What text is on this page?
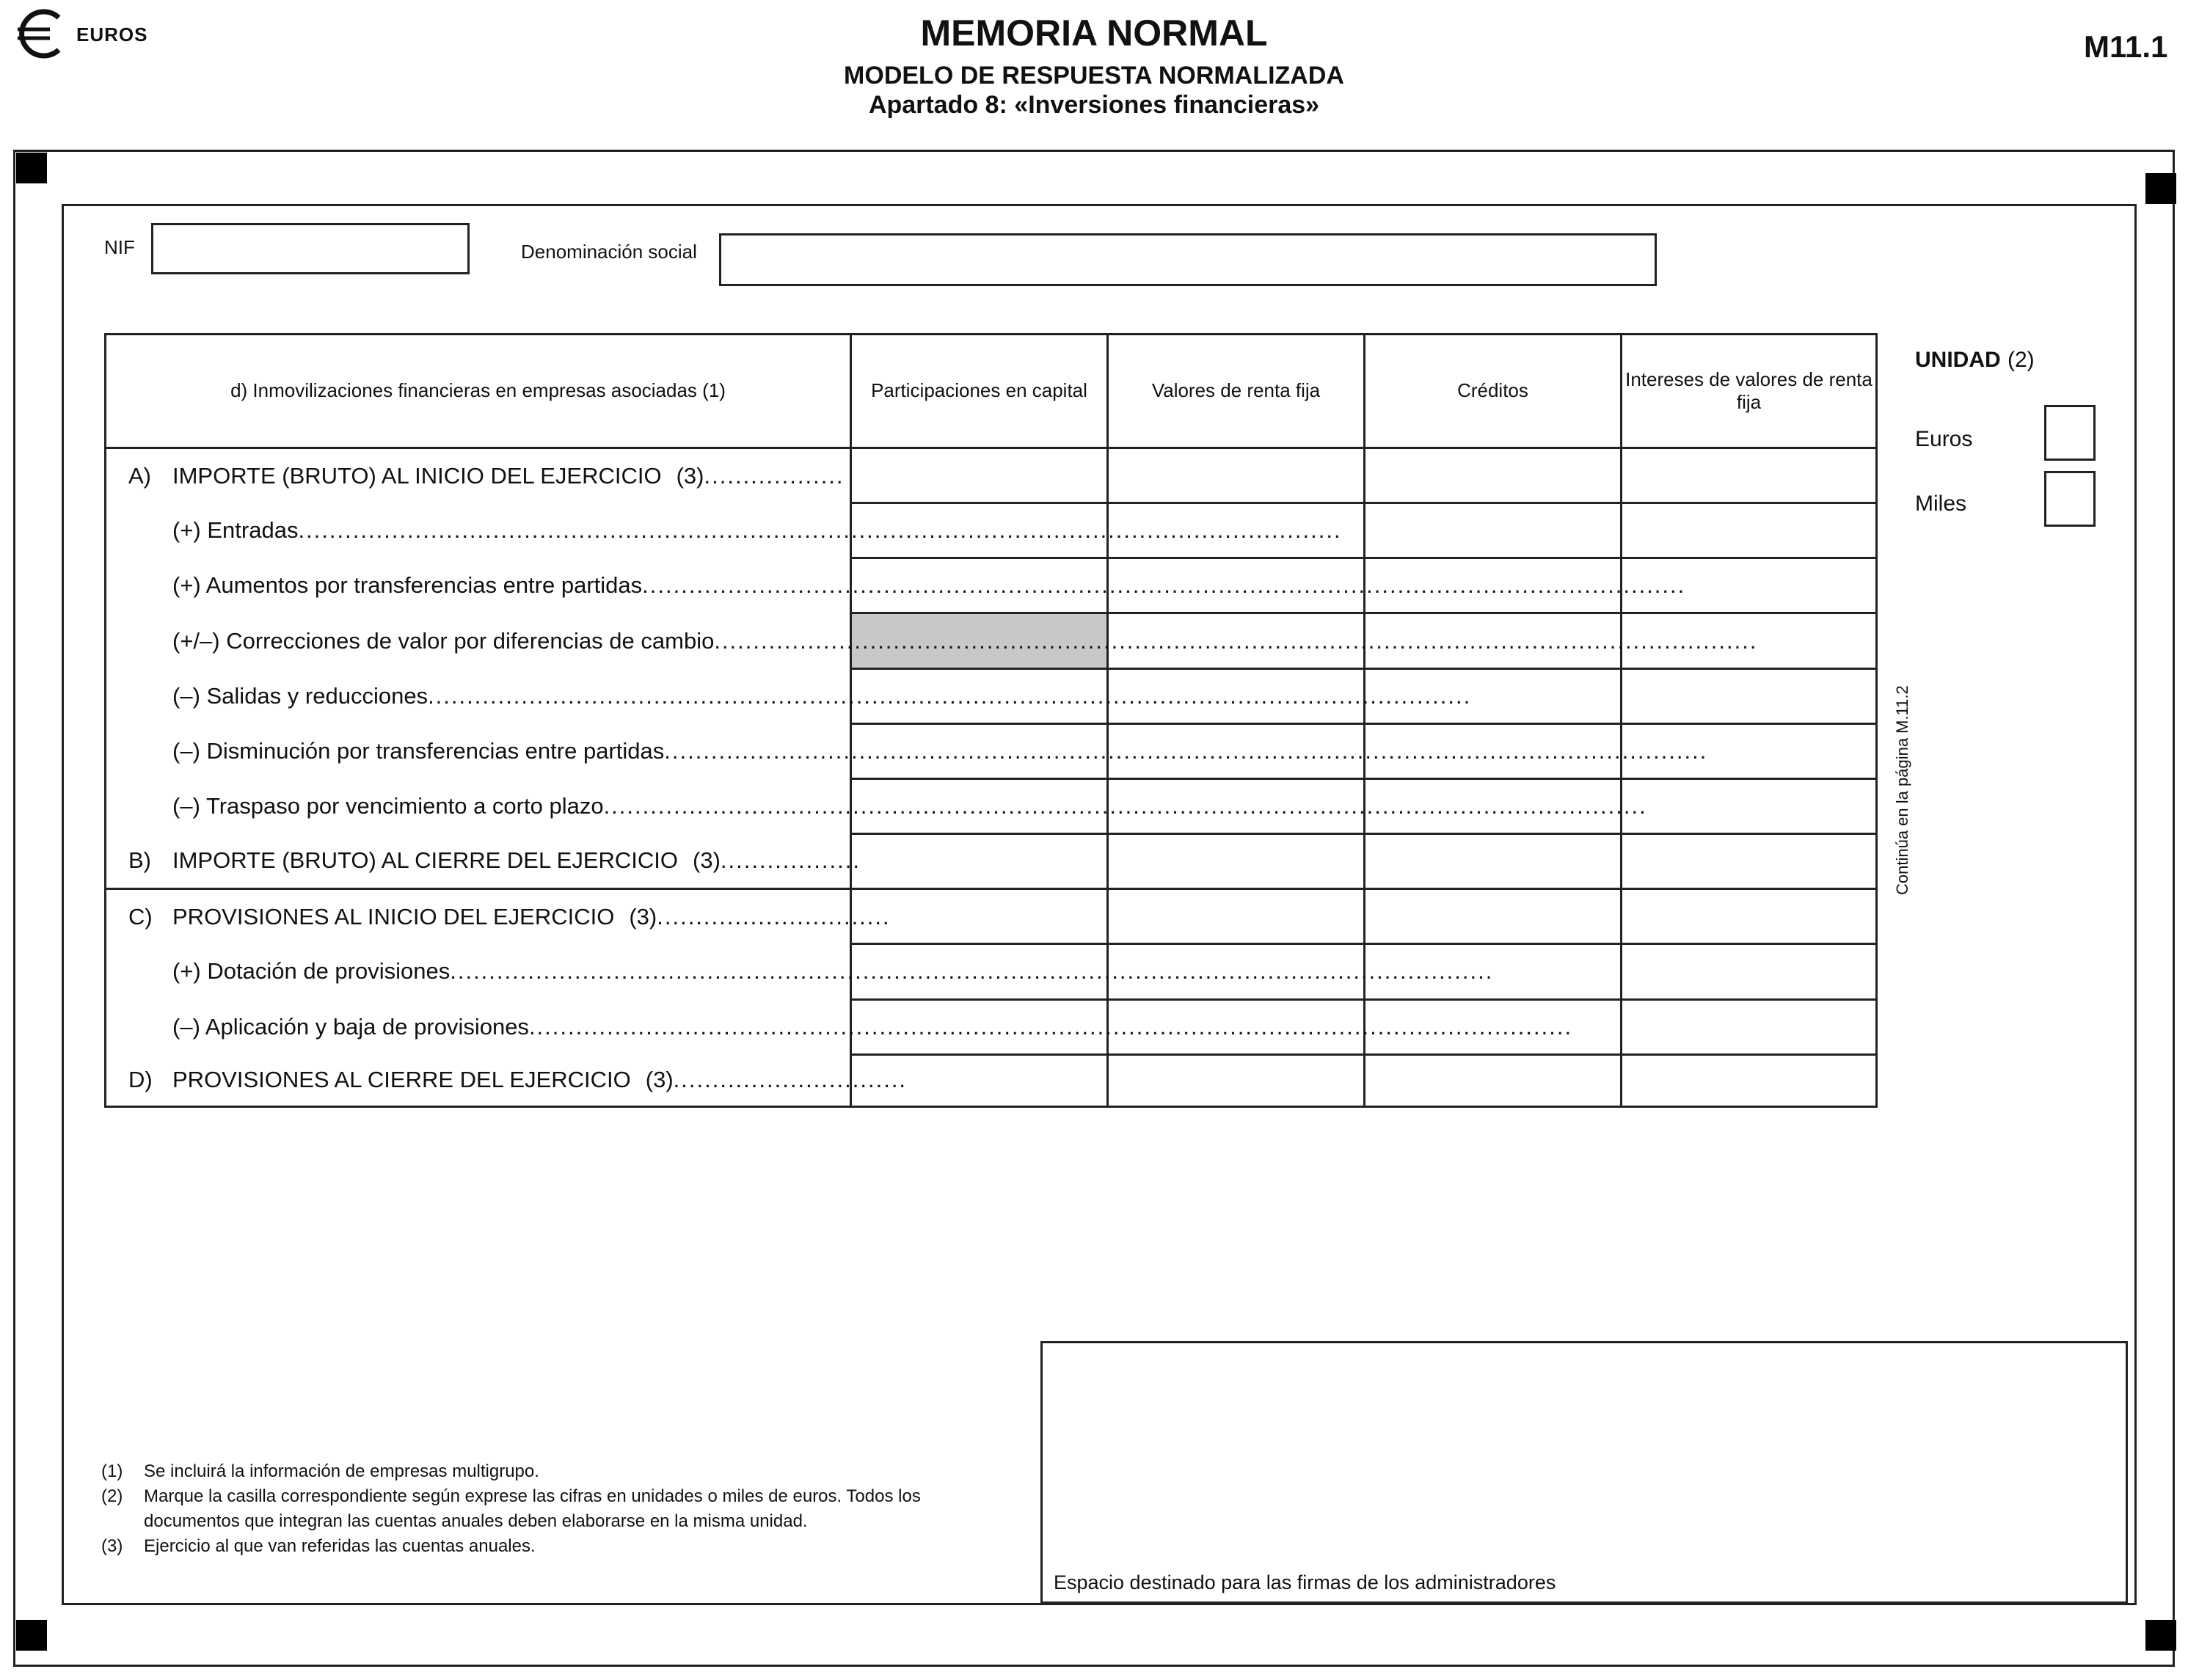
EUROS	MEMORIA NORMAL
MODELO DE RESPUESTA NORMALIZADA
Apartado 8: «Inversiones financieras»
M11.1
NIF	Denominación social
d) Inmovilizaciones financieras en empresas asociadas (1)	Participaciones en capital	Valores de renta fija	Créditos	Intereses de valores de renta fija

A) IMPORTE (BRUTO) AL INICIO DEL EJERCICIO (3) ..................				

(+) Entradas ......................................................................................................................................				

(+) Aumentos por transferencias entre partidas ......................................................................................................................................				

(+/–) Correcciones de valor por diferencias de cambio ......................................................................................................................................				

(–) Salidas y reducciones ......................................................................................................................................				

(–) Disminución por transferencias entre partidas ......................................................................................................................................				

(–) Traspaso por vencimiento a corto plazo ......................................................................................................................................				

B) IMPORTE (BRUTO) AL CIERRE DEL EJERCICIO (3) ..................				

C) PROVISIONES AL INICIO DEL EJERCICIO (3) ..............................				

(+) Dotación de provisiones ......................................................................................................................................				

(–) Aplicación y baja de provisiones ......................................................................................................................................				

D) PROVISIONES AL CIERRE DEL EJERCICIO (3) ..............................				

UNIDAD (2)
Euros
Miles
Continúa en la página M.11.2
(1) Se incluirá la información de empresas multigrupo.
(2) Marque la casilla correspondiente según exprese las cifras en unidades o miles de euros. Todos los
documentos que integran las cuentas anuales deben elaborarse en la misma unidad.
(3) Ejercicio al que van referidas las cuentas anuales.
Espacio destinado para las firmas de los administradores
